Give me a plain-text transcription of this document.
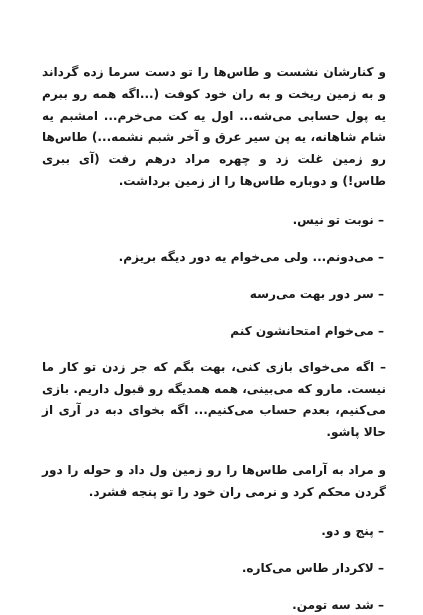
و کنارشان نشست و طاس‌ها را تو دست سرما زده گرداند و به زمین ریخت و به ران خود کوفت (...اگه همه رو ببرم یه پول حسابی می‌شه... اول یه کت می‌خرم... امشبم یه شام شاهانه، یه پن سیر عرق و آخر شبم نشمه...) طاس‌ها رو زمین غلت زد و چهره مراد درهم رفت (آی ببری طاس!) و دوباره طاس‌ها را از زمین برداشت.

– نوبت تو نیس.

– می‌دونم... ولی می‌خوام یه دور دیگه بریزم.

– سر دور بهت می‌رسه

– می‌خوام امتحانشون کنم

– اگه می‌خوای بازی کنی، بهت بگم که جر زدن تو کار ما نیست. مارو که می‌بینی، همه همدیگه رو قبول داریم. بازی می‌کنیم، بعدم حساب می‌کنیم... اگه بخوای دبه در آری از حالا پاشو.

و مراد به آرامی طاس‌ها را رو زمین ول داد و حوله را دور گردن محکم کرد و نرمی ران خود را تو پنجه فشرد.

– پنج و دو.

– لاکردار طاس می‌کاره.

– شد سه تومن.
